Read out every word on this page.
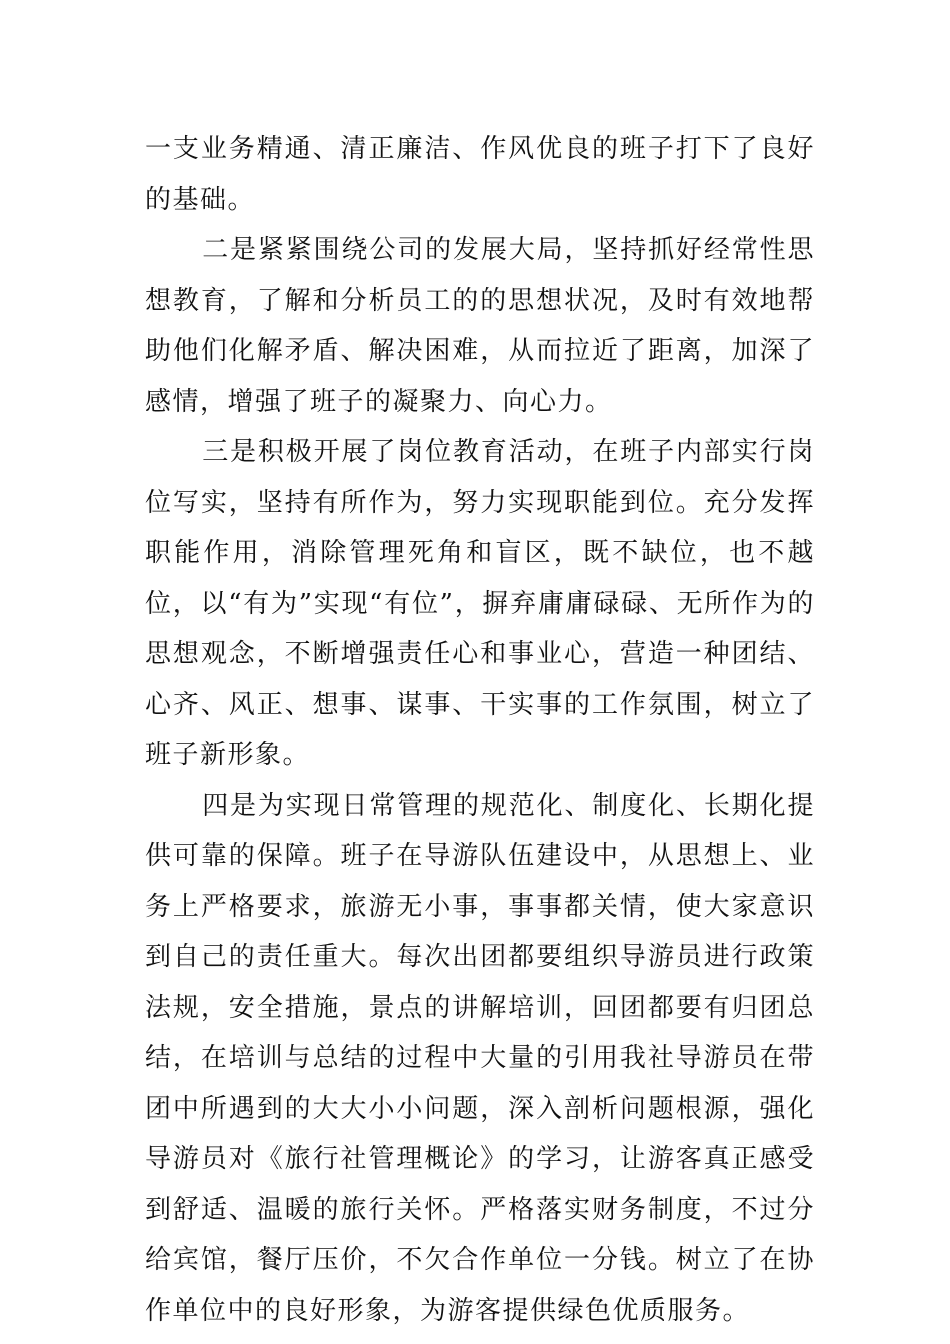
一支业务精通、清正廉洁、作风优良的班子打下了良好的基础。

二是紧紧围绕公司的发展大局，坚持抓好经常性思想教育，了解和分析员工的的思想状况，及时有效地帮助他们化解矛盾、解决困难，从而拉近了距离，加深了感情，增强了班子的凝聚力、向心力。

三是积极开展了岗位教育活动，在班子内部实行岗位写实，坚持有所作为，努力实现职能到位。充分发挥职能作用，消除管理死角和盲区，既不缺位，也不越位，以“有为”实现“有位”，摒弃庸庸碌碌、无所作为的思想观念，不断增强责任心和事业心，营造一种团结、心齐、风正、想事、谋事、干实事的工作氛围，树立了班子新形象。

四是为实现日常管理的规范化、制度化、长期化提供可靠的保障。班子在导游队伍建设中，从思想上、业务上严格要求，旅游无小事，事事都关情，使大家意识到自己的责任重大。每次出团都要组织导游员进行政策法规，安全措施，景点的讲解培训，回团都要有归团总结，在培训与总结的过程中大量的引用我社导游员在带团中所遇到的大大小小问题，深入剖析问题根源，强化导游员对《旅行社管理概论》的学习，让游客真正感受到舒适、温暖的旅行关怀。严格落实财务制度，不过分给宾馆，餐厅压价，不欠合作单位一分钱。树立了在协作单位中的良好形象，为游客提供绿色优质服务。
